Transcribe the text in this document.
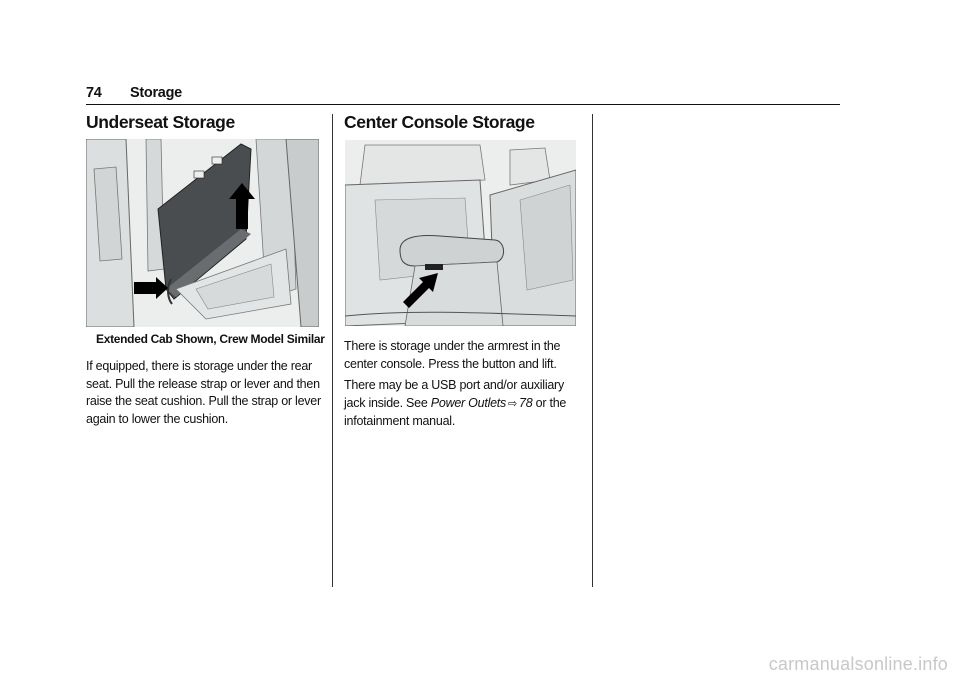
74 Storage
Underseat Storage
Extended Cab Shown, Crew Model Similar

If equipped, there is storage under the rear
seat. Pull the release strap or lever and then
raise the seat cushion. Pull the strap or lever
again to lower the cushion.

Center Console Storage

There is storage under the armrest in the
center console. Press the button and lift.

There may be a USB port and/or auxiliary
jack inside. See Power Outlets ⇨ 78 or the
infotainment manual.

carmanualsonline.info
